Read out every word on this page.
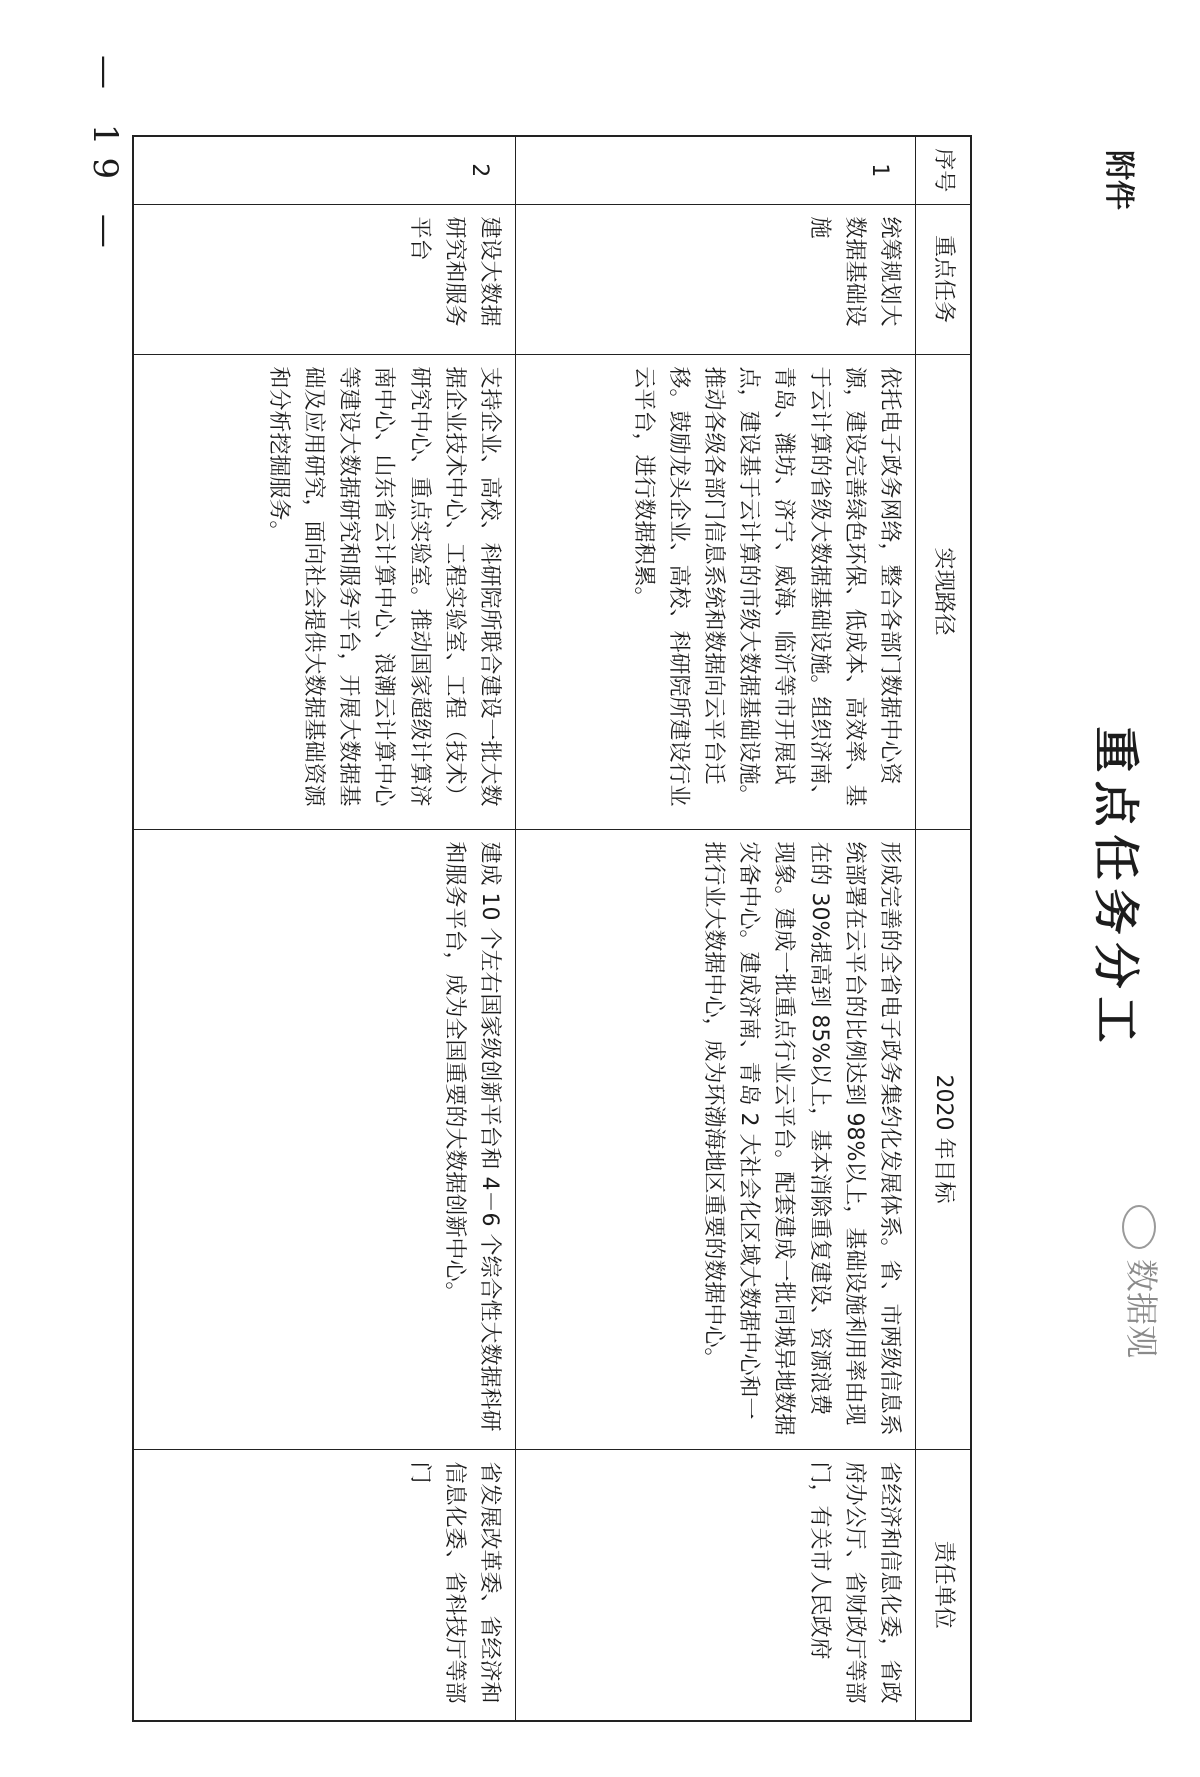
— 19 —	附件
重点任务分工
序号	重点任务	实现路径	2020 年目标	责任单位
1	统筹规划大数据基础设施	依托电子政务网络，整合各部门数据中心资源，建设完善绿色环保、低成本、高效率、基于云计算的省级大数据基础设施。组织济南、青岛、潍坊、济宁、威海、临沂等市开展试点，建设基于云计算的市级大数据基础设施。推动各级各部门信息系统和数据向云平台迁移。鼓励龙头企业、高校、科研院所建设行业云平台，进行数据积累。	形成完善的全省电子政务集约化发展体系。省、市两级信息系统部署在云平台的比例达到 98%以上，基础设施利用率由现在的 30%提高到 85%以上，基本消除重复建设、资源浪费现象。建成一批重点行业云平台。配套建成一批同城异地数据灾备中心。建成济南、青岛 2 大社会化区域大数据中心和一批行业大数据中心，成为环渤海地区重要的数据中心。	省经济和信息化委，省政府办公厅、省财政厅等部门，有关市人民政府
2	建设大数据研究和服务平台	支持企业、高校、科研院所联合建设一批大数据企业技术中心、工程实验室、工程（技术）研究中心、重点实验室。推动国家超级计算济南中心、山东省云计算中心、浪潮云计算中心等建设大数据研究和服务平台，开展大数据基础及应用研究，面向社会提供大数据基础资源和分析挖掘服务。	建成 10 个左右国家级创新平台和 4－6 个综合性大数据科研和服务平台，成为全国重要的大数据创新中心。	省发展改革委、省经济和信息化委、省科技厅等部门
数据观
